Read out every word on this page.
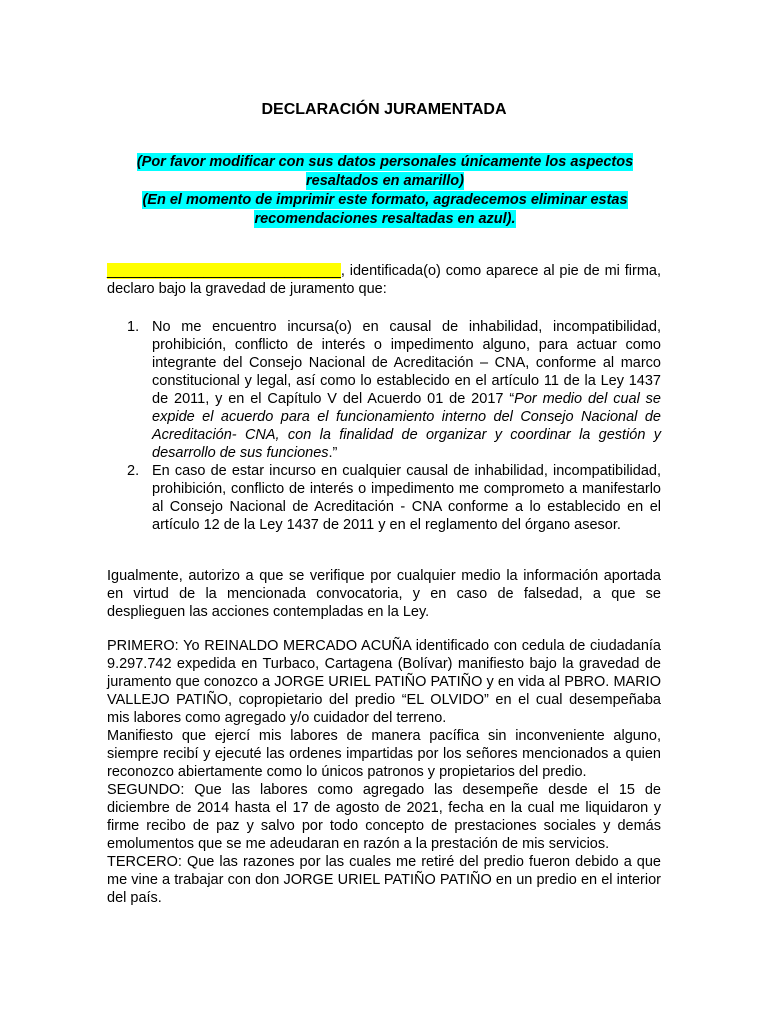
DECLARACIÓN JURAMENTADA
(Por favor modificar con sus datos personales únicamente los aspectos resaltados en amarillo)
(En el momento de imprimir este formato, agradecemos eliminar estas recomendaciones resaltadas en azul).
_____________________________, identificada(o) como aparece al pie de mi firma, declaro bajo la gravedad de juramento que:
1. No me encuentro incursa(o) en causal de inhabilidad, incompatibilidad, prohibición, conflicto de interés o impedimento alguno, para actuar como integrante del Consejo Nacional de Acreditación – CNA, conforme al marco constitucional y legal, así como lo establecido en el artículo 11 de la Ley 1437 de 2011, y en el Capítulo V del Acuerdo 01 de 2017 “Por medio del cual se expide el acuerdo para el funcionamiento interno del Consejo Nacional de Acreditación- CNA, con la finalidad de organizar y coordinar la gestión y desarrollo de sus funciones.”
2. En caso de estar incurso en cualquier causal de inhabilidad, incompatibilidad, prohibición, conflicto de interés o impedimento me comprometo a manifestarlo al Consejo Nacional de Acreditación - CNA conforme a lo establecido en el artículo 12 de la Ley 1437 de 2011 y en el reglamento del órgano asesor.
Igualmente, autorizo a que se verifique por cualquier medio la información aportada en virtud de la mencionada convocatoria, y en caso de falsedad, a que se desplieguen las acciones contempladas en la Ley.
PRIMERO: Yo REINALDO MERCADO ACUÑA identificado con cedula de ciudadanía 9.297.742 expedida en Turbaco, Cartagena (Bolívar) manifiesto bajo la gravedad de juramento que conozco a JORGE URIEL PATIÑO PATIÑO y en vida al PBRO. MARIO VALLEJO PATIÑO, copropietario del predio “EL OLVIDO” en el cual desempeñaba mis labores como agregado y/o cuidador del terreno.
Manifiesto que ejercí mis labores de manera pacífica sin inconveniente alguno, siempre recibí y ejecuté las ordenes impartidas por los señores mencionados a quien reconozco abiertamente como lo únicos patronos y propietarios del predio.
SEGUNDO: Que las labores como agregado las desempeñe desde el 15 de diciembre de 2014 hasta el 17 de agosto de 2021, fecha en la cual me liquidaron y firme recibo de paz y salvo por todo concepto de prestaciones sociales y demás emolumentos que se me adeudaran en razón a la prestación de mis servicios.
TERCERO: Que las razones por las cuales me retiré del predio fueron debido a que me vine a trabajar con don JORGE URIEL PATIÑO PATIÑO en un predio en el interior del país.
